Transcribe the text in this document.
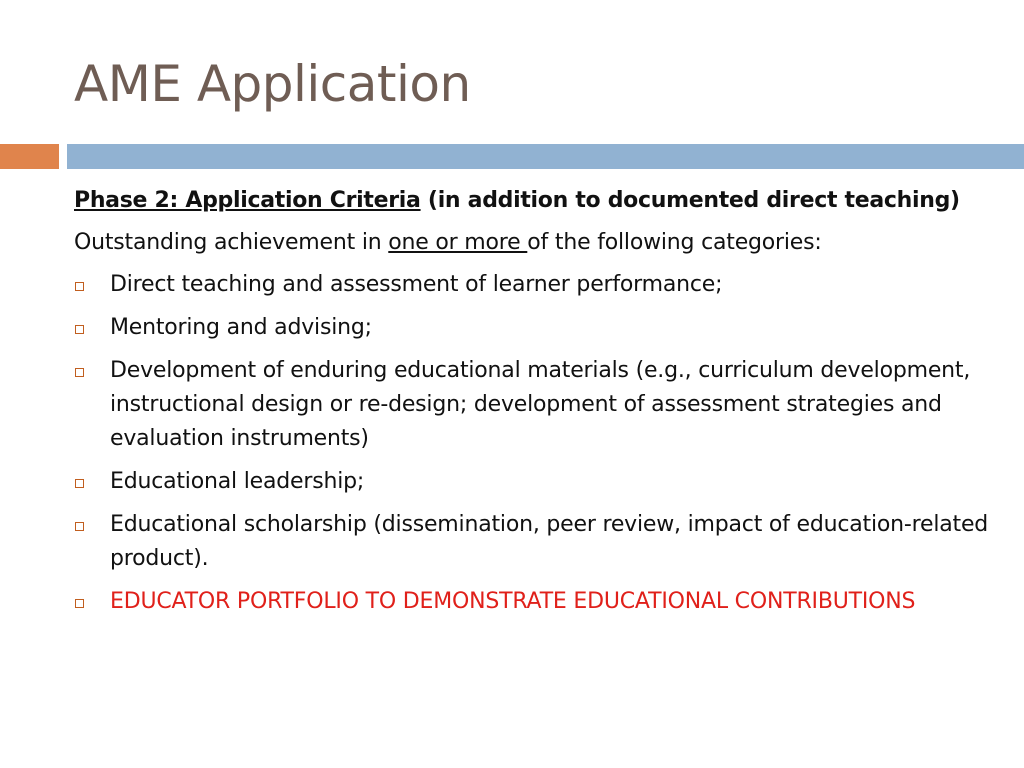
AME Application
Phase 2: Application Criteria (in addition to documented direct teaching)
Outstanding achievement in one or more of the following categories:
Direct teaching and assessment of learner performance;
Mentoring and advising;
Development of enduring educational materials (e.g., curriculum development, instructional design or re-design; development of assessment strategies and evaluation instruments)
Educational leadership;
Educational scholarship (dissemination, peer review, impact of education-related product).
EDUCATOR PORTFOLIO TO DEMONSTRATE EDUCATIONAL CONTRIBUTIONS
